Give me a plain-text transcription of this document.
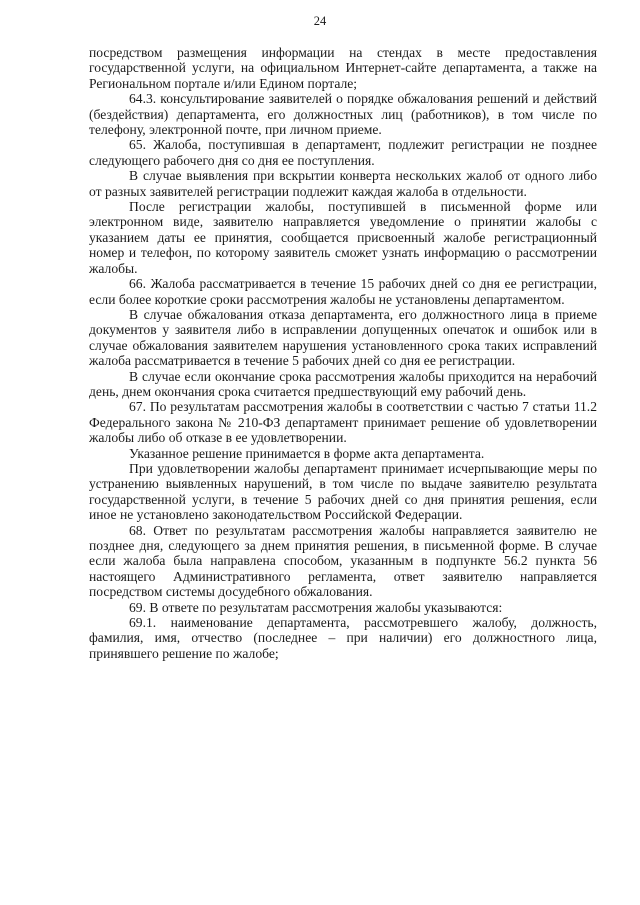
24

посредством размещения информации на стендах в месте предоставления государственной услуги, на официальном Интернет-сайте департамента, а также на Региональном портале и/или Едином портале;

64.3. консультирование заявителей о порядке обжалования решений и действий (бездействия) департамента, его должностных лиц (работников), в том числе по телефону, электронной почте, при личном приеме.

65. Жалоба, поступившая в департамент, подлежит регистрации не позднее следующего рабочего дня со дня ее поступления.

В случае выявления при вскрытии конверта нескольких жалоб от одного либо от разных заявителей регистрации подлежит каждая жалоба в отдельности.

После регистрации жалобы, поступившей в письменной форме или электронном виде, заявителю направляется уведомление о принятии жалобы с указанием даты ее принятия, сообщается присвоенный жалобе регистрационный номер и телефон, по которому заявитель сможет узнать информацию о рассмотрении жалобы.

66. Жалоба рассматривается в течение 15 рабочих дней со дня ее регистрации, если более короткие сроки рассмотрения жалобы не установлены департаментом.

В случае обжалования отказа департамента, его должностного лица в приеме документов у заявителя либо в исправлении допущенных опечаток и ошибок или в случае обжалования заявителем нарушения установленного срока таких исправлений жалоба рассматривается в течение 5 рабочих дней со дня ее регистрации.

В случае если окончание срока рассмотрения жалобы приходится на нерабочий день, днем окончания срока считается предшествующий ему рабочий день.

67. По результатам рассмотрения жалобы в соответствии с частью 7 статьи 11.2 Федерального закона № 210-ФЗ департамент принимает решение об удовлетворении жалобы либо об отказе в ее удовлетворении.

Указанное решение принимается в форме акта департамента.

При удовлетворении жалобы департамент принимает исчерпывающие меры по устранению выявленных нарушений, в том числе по выдаче заявителю результата государственной услуги, в течение 5 рабочих дней со дня принятия решения, если иное не установлено законодательством Российской Федерации.

68. Ответ по результатам рассмотрения жалобы направляется заявителю не позднее дня, следующего за днем принятия решения, в письменной форме. В случае если жалоба была направлена способом, указанным в подпункте 56.2 пункта 56 настоящего Административного регламента, ответ заявителю направляется посредством системы досудебного обжалования.

69. В ответе по результатам рассмотрения жалобы указываются:

69.1. наименование департамента, рассмотревшего жалобу, должность, фамилия, имя, отчество (последнее – при наличии) его должностного лица, принявшего решение по жалобе;
